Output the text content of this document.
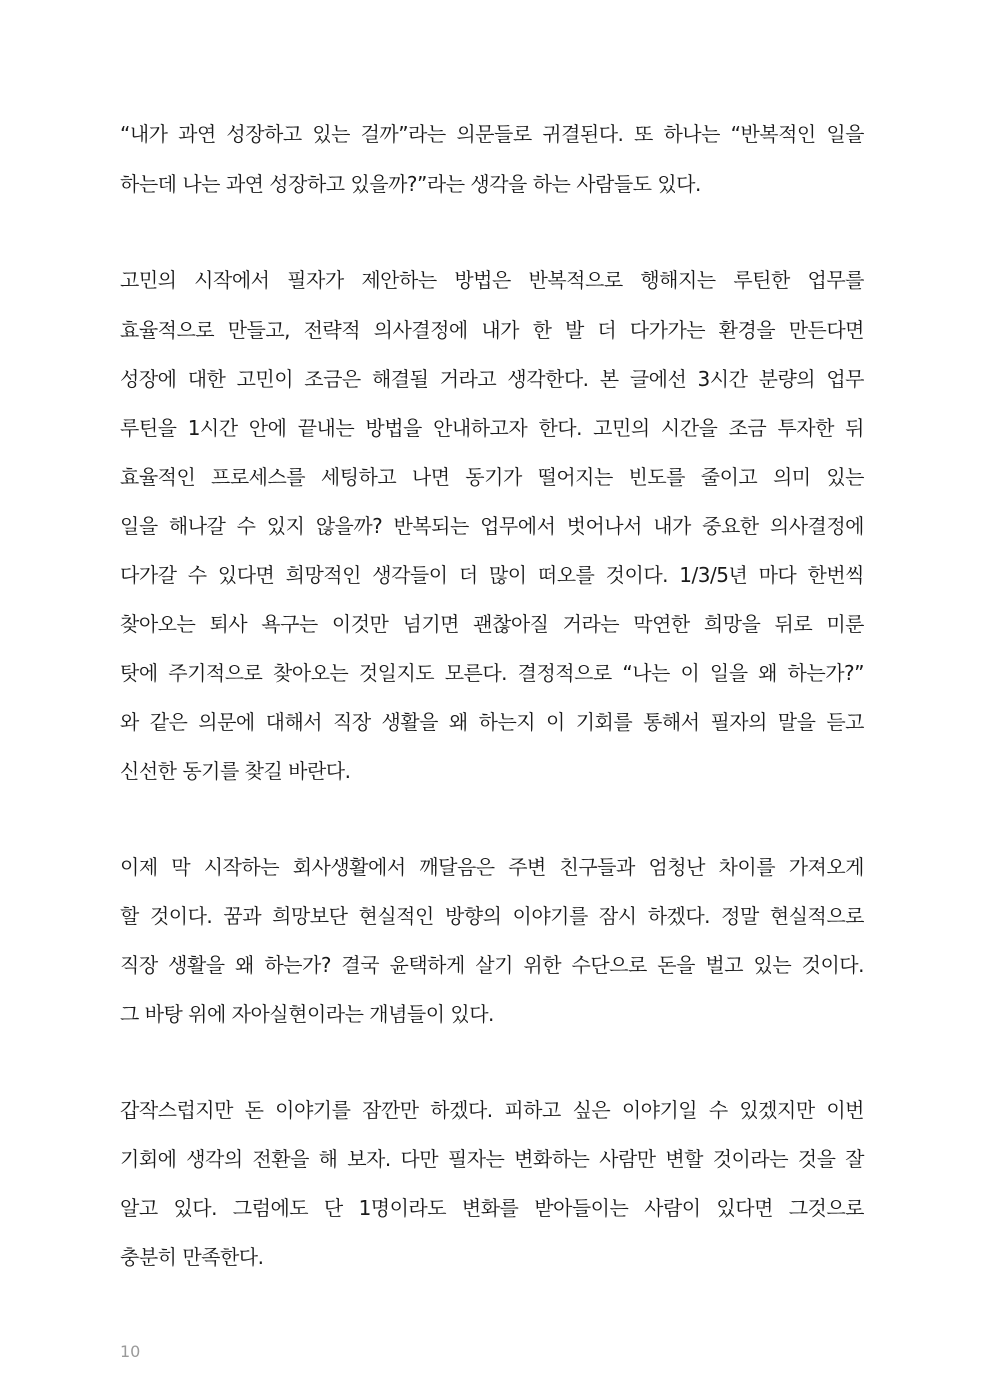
“내가 과연 성장하고 있는 걸까”라는 의문들로 귀결된다. 또 하나는 “반복적인 일을
하는데 나는 과연 성장하고 있을까?”라는 생각을 하는 사람들도 있다.
고민의 시작에서 필자가 제안하는 방법은 반복적으로 행해지는 루틴한 업무를
효율적으로 만들고, 전략적 의사결정에 내가 한 발 더 다가가는 환경을 만든다면
성장에 대한 고민이 조금은 해결될 거라고 생각한다. 본 글에선 3시간 분량의 업무
루틴을 1시간 안에 끝내는 방법을 안내하고자 한다. 고민의 시간을 조금 투자한 뒤
효율적인 프로세스를 세팅하고 나면 동기가 떨어지는 빈도를 줄이고 의미 있는
일을 해나갈 수 있지 않을까? 반복되는 업무에서 벗어나서 내가 중요한 의사결정에
다가갈 수 있다면 희망적인 생각들이 더 많이 떠오를 것이다. 1/3/5년 마다 한번씩
찾아오는 퇴사 욕구는 이것만 넘기면 괜찮아질 거라는 막연한 희망을 뒤로 미룬
탓에 주기적으로 찾아오는 것일지도 모른다. 결정적으로 “나는 이 일을 왜 하는가?”
와 같은 의문에 대해서 직장 생활을 왜 하는지 이 기회를 통해서 필자의 말을 듣고
신선한 동기를 찾길 바란다.
이제 막 시작하는 회사생활에서 깨달음은 주변 친구들과 엄청난 차이를 가져오게
할 것이다. 꿈과 희망보단 현실적인 방향의 이야기를 잠시 하겠다. 정말 현실적으로
직장 생활을 왜 하는가? 결국 윤택하게 살기 위한 수단으로 돈을 벌고 있는 것이다.
그 바탕 위에 자아실현이라는 개념들이 있다.
갑작스럽지만 돈 이야기를 잠깐만 하겠다. 피하고 싶은 이야기일 수 있겠지만 이번
기회에 생각의 전환을 해 보자. 다만 필자는 변화하는 사람만 변할 것이라는 것을 잘
알고 있다. 그럼에도 단 1명이라도 변화를 받아들이는 사람이 있다면 그것으로
충분히 만족한다.
10
